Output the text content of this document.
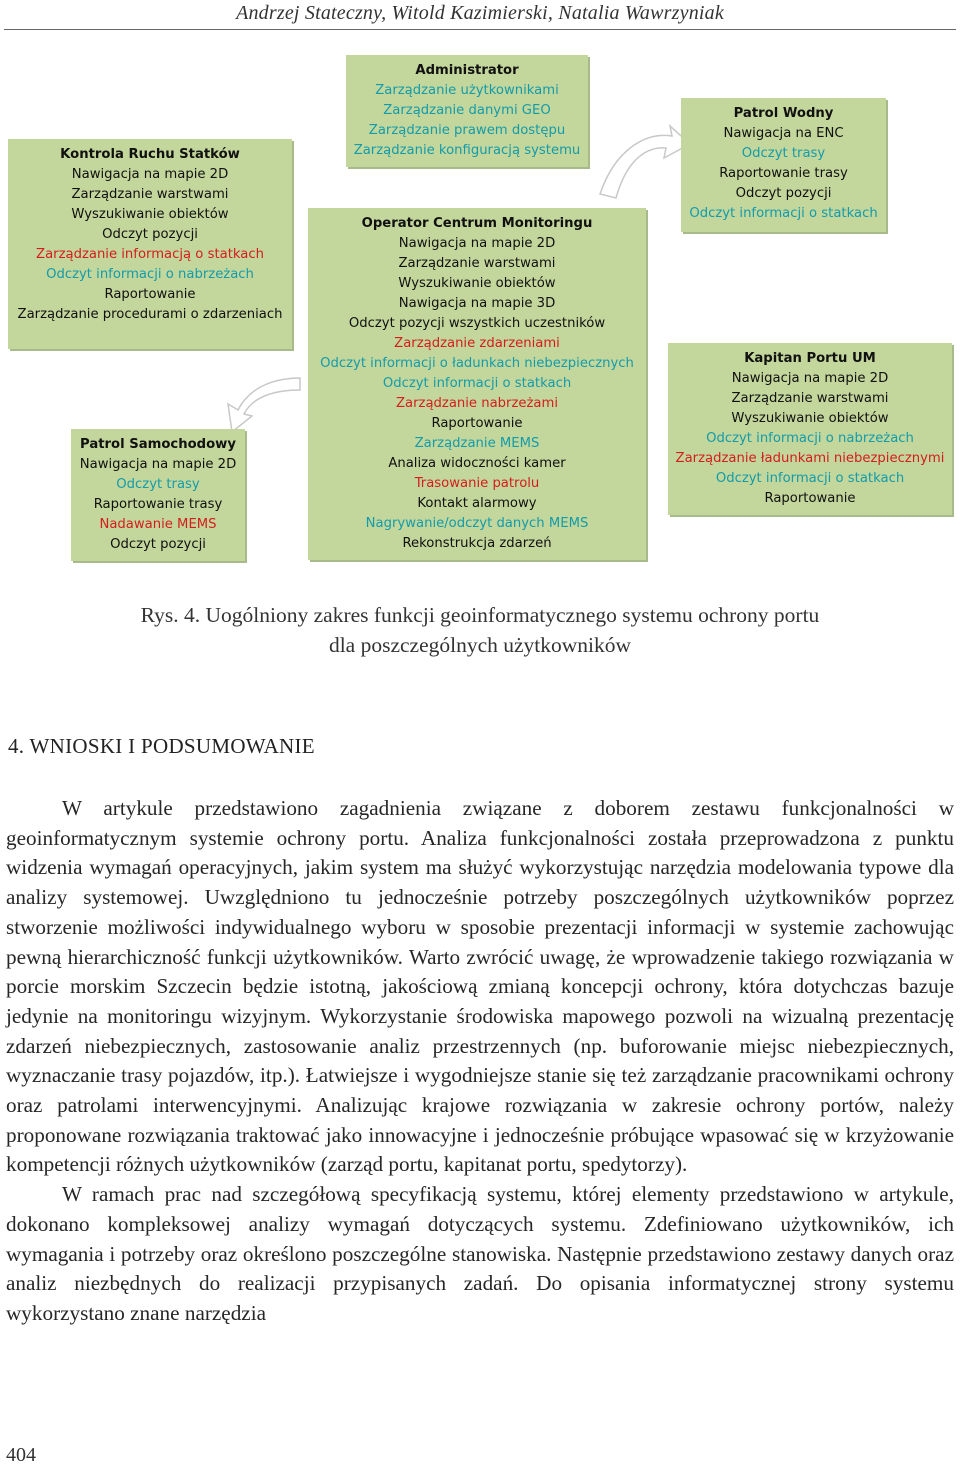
Andrzej Stateczny, Witold Kazimierski, Natalia Wawrzyniak
Administrator
Zarządzanie użytkownikami
Zarządzanie danymi GEO
Zarządzanie prawem dostępu
Zarządzanie konfiguracją systemu
Kontrola Ruchu Statków
Nawigacja na mapie 2D
Zarządzanie warstwami
Wyszukiwanie obiektów
Odczyt pozycji
Zarządzanie informacją o statkach
Odczyt informacji o nabrzeżach
Raportowanie
Zarządzanie procedurami o zdarzeniach
Patrol Wodny
Nawigacja na ENC
Odczyt trasy
Raportowanie trasy
Odczyt pozycji
Odczyt informacji o statkach
Operator Centrum Monitoringu
Nawigacja na mapie 2D
Zarządzanie warstwami
Wyszukiwanie obiektów
Nawigacja na mapie 3D
Odczyt pozycji wszystkich uczestników
Zarządzanie zdarzeniami
Odczyt informacji o ładunkach niebezpiecznych
Odczyt informacji o statkach
Zarządzanie nabrzeżami
Raportowanie
Zarządzanie MEMS
Analiza widoczności kamer
Trasowanie patrolu
Kontakt alarmowy
Nagrywanie/odczyt danych MEMS
Rekonstrukcja zdarzeń
Kapitan Portu UM
Nawigacja na mapie 2D
Zarządzanie warstwami
Wyszukiwanie obiektów
Odczyt informacji o nabrzeżach
Zarządzanie ładunkami niebezpiecznymi
Odczyt informacji o statkach
Raportowanie
Patrol Samochodowy
Nawigacja na mapie 2D
Odczyt trasy
Raportowanie trasy
Nadawanie MEMS
Odczyt pozycji
Rys. 4. Uogólniony zakres funkcji geoinformatycznego systemu ochrony portu
dla poszczególnych użytkowników
4. WNIOSKI I PODSUMOWANIE

W artykule przedstawiono zagadnienia związane z doborem zestawu funkcjonalności w geoinformatycznym systemie ochrony portu. Analiza funkcjonalności została przeprowadzona z punktu widzenia wymagań operacyjnych, jakim system ma służyć wykorzystując narzędzia modelowania typowe dla analizy systemowej. Uwzględniono tu jednocześnie potrzeby poszczególnych użytkowników poprzez stworzenie możliwości indywidualnego wyboru w sposobie prezentacji informacji w systemie zachowując pewną hierarchiczność funkcji użytkowników. Warto zwrócić uwagę, że wprowadzenie takiego rozwiązania w porcie morskim Szczecin będzie istotną, jakościową zmianą koncepcji ochrony, która dotychczas bazuje jedynie na monitoringu wizyjnym. Wykorzystanie środowiska mapowego pozwoli na wizualną prezentację zdarzeń niebezpiecznych, zastosowanie analiz przestrzennych (np. buforowanie miejsc niebezpiecznych, wyznaczanie trasy pojazdów, itp.). Łatwiejsze i wygodniejsze stanie się też zarządzanie pracownikami ochrony oraz patrolami interwencyjnymi. Analizując krajowe rozwiązania w zakresie ochrony portów, należy proponowane rozwiązania traktować jako innowacyjne i jednocześnie próbujące wpasować się w krzyżowanie kompetencji różnych użytkowników (zarząd portu, kapitanat portu, spedytorzy).

W ramach prac nad szczegółową specyfikacją systemu, której elementy przedstawiono w artykule, dokonano kompleksowej analizy wymagań dotyczących systemu. Zdefiniowano użytkowników, ich wymagania i potrzeby oraz określono poszczególne stanowiska. Następnie przedstawiono zestawy danych oraz analiz niezbędnych do realizacji przypisanych zadań. Do opisania informatycznej strony systemu wykorzystano znane narzędzia

404
